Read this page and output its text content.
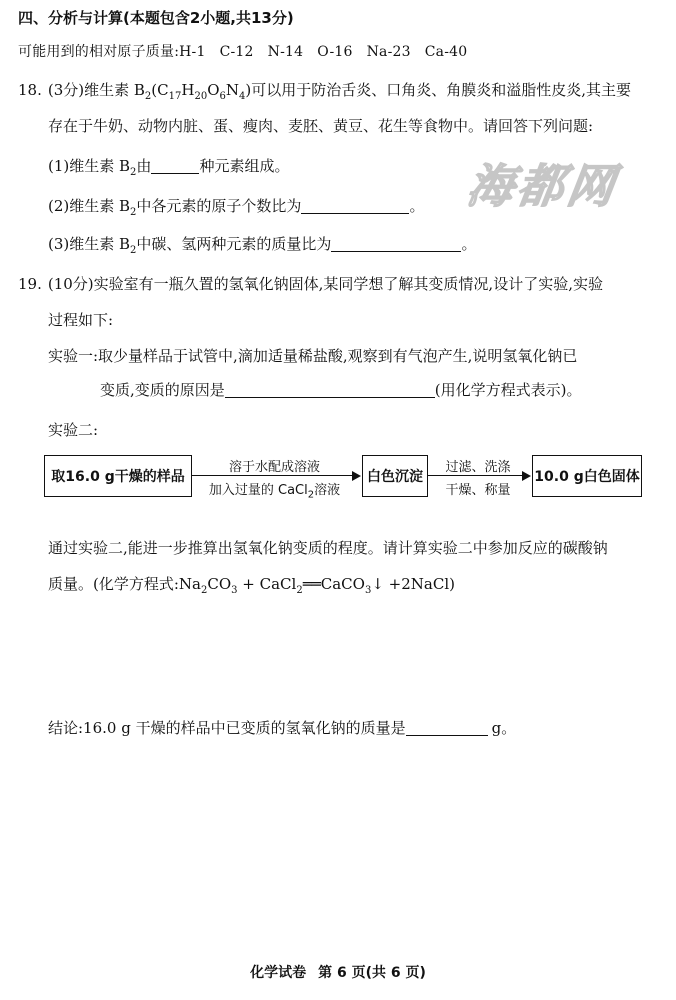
四、分析与计算(本题包含2小题,共13分)
可能用到的相对原子质量:H-1 C-12 N-14 O-16 Na-23 Ca-40
18. (3分)维生素 $B_2(C_{17}H_{20}O_6N_4)$可以用于防治舌炎、口角炎、角膜炎和溢脂性皮炎,其主要
存在于牛奶、动物内脏、蛋、瘦肉、麦胚、黄豆、花生等食物中。请回答下列问题:
(1)维生素 $B_2$由	种元素组成。
(2)维生素 $B_2$中各元素的原子个数比为	。
(3)维生素 $B_2$中碳、氢两种元素的质量比为	。
海都网
19. (10分)实验室有一瓶久置的氢氧化钠固体,某同学想了解其变质情况,设计了实验,实验
过程如下:
实验一:取少量样品于试管中,滴加适量稀盐酸,观察到有气泡产生,说明氢氧化钠已
变质,变质的原因是	(用化学方程式表示)。
实验二:
取16.0 g干燥的样品
溶于水配成溶液
加入过量的 CaCl$_2$溶液
白色沉淀
过滤、洗涤
干燥、称量
10.0 g白色固体
通过实验二,能进一步推算出氢氧化钠变质的程度。请计算实验二中参加反应的碳酸钠
质量。(化学方程式$:Na_2CO_3$ + CaCl$_2$══CaCO$_3$↓ +2NaCl)
结论:16.0 g 干燥的样品中已变质的氢氧化钠的质量是	g。
化学试卷 第 6 页(共 6 页)
